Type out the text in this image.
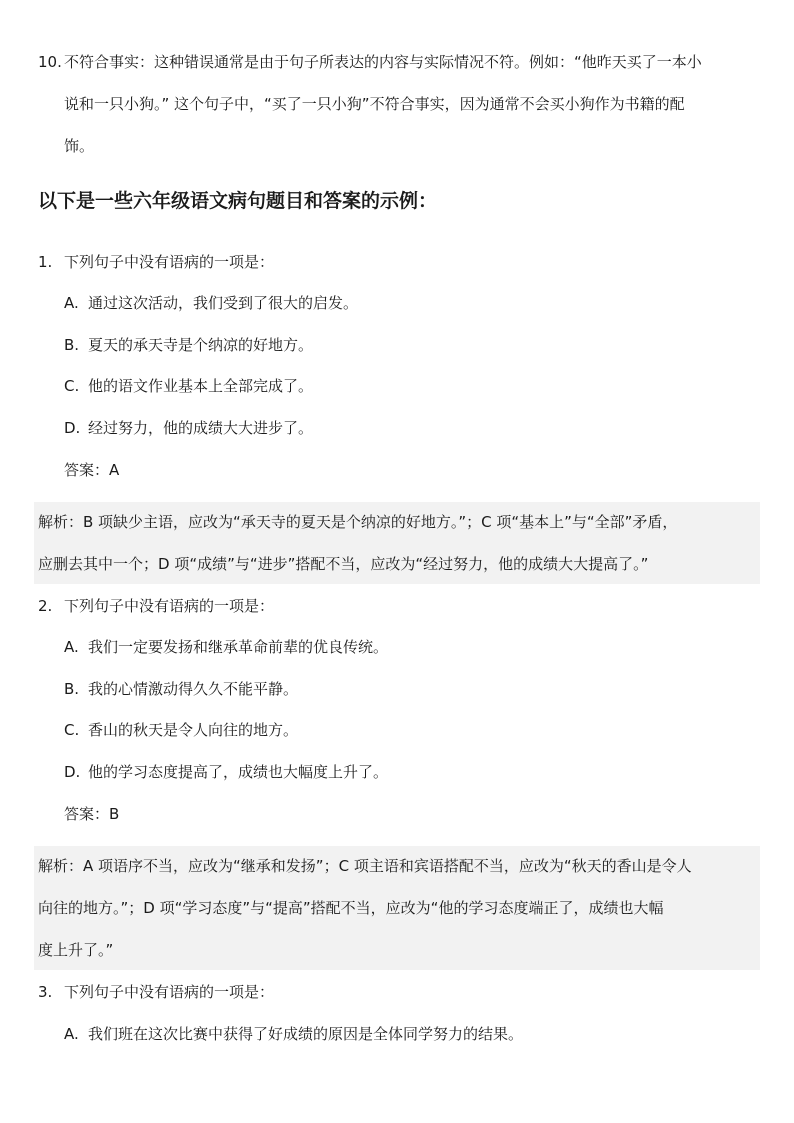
10. 不符合事实：这种错误通常是由于句子所表达的内容与实际情况不符。例如：“他昨天买了一本小
说和一只小狗。” 这个句子中，“买了一只小狗”不符合事实，因为通常不会买小狗作为书籍的配
饰。
以下是一些六年级语文病句题目和答案的示例：
1. 下列句子中没有语病的一项是：
A. 通过这次活动，我们受到了很大的启发。
B. 夏天的承天寺是个纳凉的好地方。
C. 他的语文作业基本上全部完成了。
D. 经过努力，他的成绩大大进步了。
答案：A
解析：B 项缺少主语，应改为“承天寺的夏天是个纳凉的好地方。”；C 项“基本上”与“全部”矛盾，
应删去其中一个；D 项“成绩”与“进步”搭配不当，应改为“经过努力，他的成绩大大提高了。”
2. 下列句子中没有语病的一项是：
A. 我们一定要发扬和继承革命前辈的优良传统。
B. 我的心情激动得久久不能平静。
C. 香山的秋天是令人向往的地方。
D. 他的学习态度提高了，成绩也大幅度上升了。
答案：B
解析：A 项语序不当，应改为“继承和发扬”；C 项主语和宾语搭配不当，应改为“秋天的香山是令人
向往的地方。”；D 项“学习态度”与“提高”搭配不当，应改为“他的学习态度端正了，成绩也大幅
度上升了。”
3. 下列句子中没有语病的一项是：
A. 我们班在这次比赛中获得了好成绩的原因是全体同学努力的结果。
